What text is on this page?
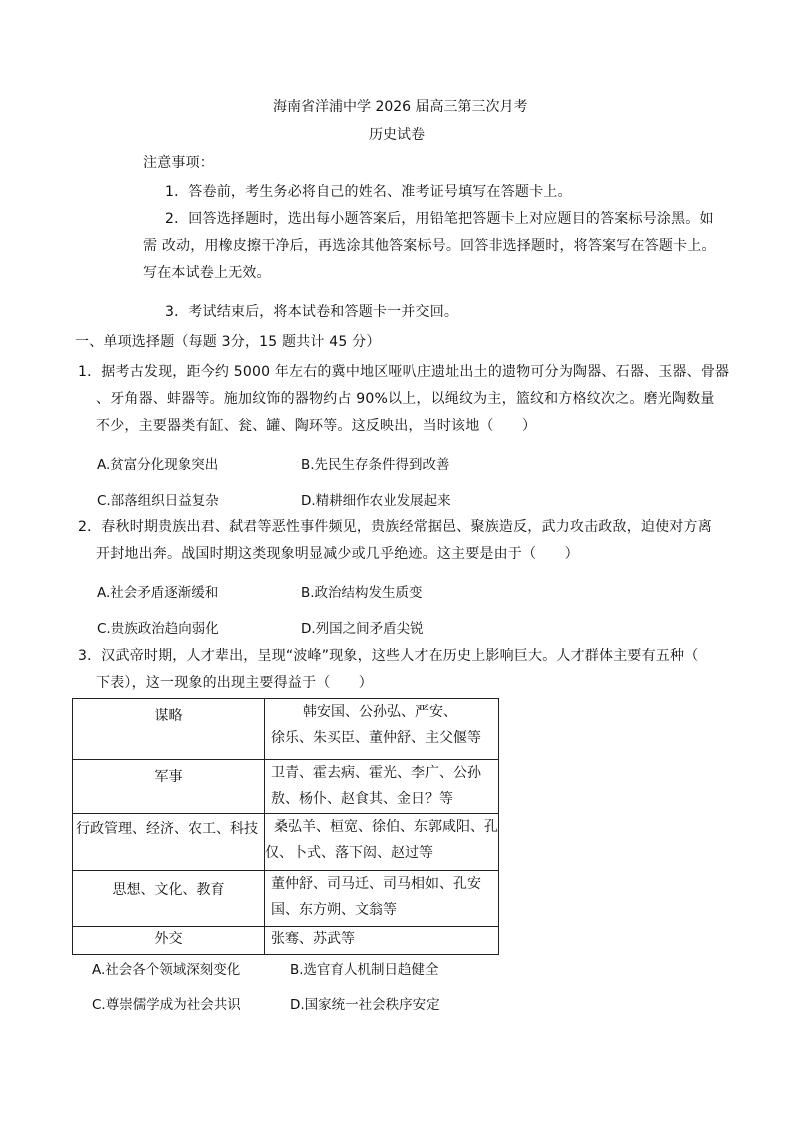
海南省洋浦中学 2026 届高三第三次月考
历史试卷
注意事项：
1．答卷前，考生务必将自己的姓名、准考证号填写在答题卡上。
2．回答选择题时，选出每小题答案后，用铅笔把答题卡上对应题目的答案标号涂黑。如
需 改动，用橡皮擦干净后，再选涂其他答案标号。回答非选择题时，将答案写在答题卡上。
写在本试卷上无效。
3．考试结束后，将本试卷和答题卡一并交回。
一、单项选择题（每题 3分，15 题共计 45 分）
1．据考古发现，距今约 5000 年左右的冀中地区哑叭庄遗址出土的遗物可分为陶器、石器、玉器、骨器
、牙角器、蚌器等。施加纹饰的器物约占 90%以上，以绳纹为主，篮纹和方格纹次之。磨光陶数量
不少，主要器类有缸、瓮、罐、陶环等。这反映出，当时该地（　　）
A.贫富分化现象突出	B.先民生存条件得到改善
C.部落组织日益复杂	D.精耕细作农业发展起来
2．春秋时期贵族出君、弑君等恶性事件频见，贵族经常据邑、聚族造反，武力攻击政敌，迫使对方离
开封地出奔。战国时期这类现象明显减少或几乎绝迹。这主要是由于（　　）
A.社会矛盾逐渐缓和	B.政治结构发生质变
C.贵族政治趋向弱化	D.列国之间矛盾尖锐
3．汉武帝时期，人才辈出，呈现“波峰”现象，这些人才在历史上影响巨大。人才群体主要有五种（
下表），这一现象的出现主要得益于（　　）
谋略	韩安国、公孙弘、严安、
徐乐、朱买臣、董仲舒、主父偃等

军事	卫青、霍去病、霍光、李广、公孙
敖、杨仆、赵食其、金日？等

行政管理、经济、农工、科技	桑弘羊、桓宽、徐伯、东郭咸阳、孔
仅、卜式、落下闳、赵过等

思想、文化、教育	董仲舒、司马迁、司马相如、孔安
国、东方朔、文翁等

外交	张骞、苏武等
A.社会各个领域深刻变化	B.选官育人机制日趋健全
C.尊崇儒学成为社会共识	D.国家统一社会秩序安定
